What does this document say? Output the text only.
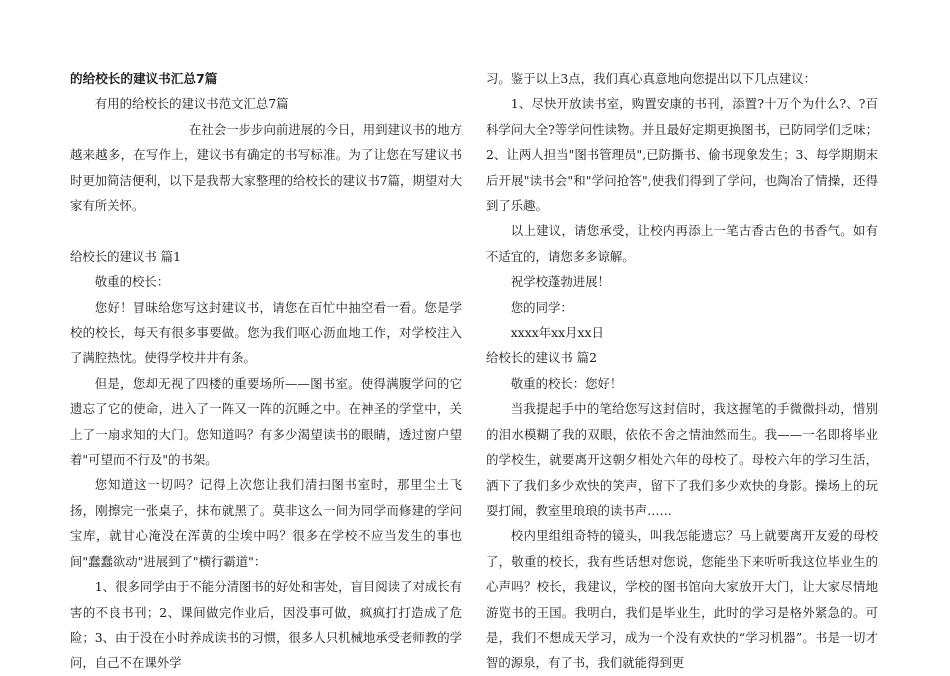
的给校长的建议书汇总7篇

有用的给校长的建议书范文汇总7篇

在社会一步步向前进展的今日，用到建议书的地方越来越多，在写作上，建议书有确定的书写标准。为了让您在写建议书时更加简洁便利，以下是我帮大家整理的给校长的建议书7篇，期望对大家有所关怀。

给校长的建议书 篇1

敬重的校长：

您好！冒昧给您写这封建议书，请您在百忙中抽空看一看。您是学校的校长，每天有很多事要做。您为我们呕心沥血地工作，对学校注入了满腔热忱。使得学校井井有条。

但是，您却无视了四楼的重要场所——图书室。使得满腹学问的它遗忘了它的使命，进入了一阵又一阵的沉睡之中。在神圣的学堂中，关上了一扇求知的大门。您知道吗？有多少渴望读书的眼睛，透过窗户望着"可望而不行及"的书架。

您知道这一切吗？记得上次您让我们清扫图书室时，那里尘土飞扬，刚擦完一张桌子，抹布就黑了。莫非这么一间为同学而修建的学问宝库，就甘心淹没在浑黄的尘埃中吗？很多在学校不应当发生的事也间"蠢蠢欲动"进展到了"横行霸道"：

1、很多同学由于不能分清图书的好处和害处，盲目阅读了对成长有害的不良书刊；2、课间做完作业后，因没事可做，疯疯打打造成了危险；3、由于没在小时养成读书的习惯，很多人只机械地承受老师教的学问，自己不在课外学

习。鉴于以上3点，我们真心真意地向您提出以下几点建议：

1、尽快开放读书室，购置安康的书刊，添置?十万个为什么?、?百科学问大全?等学问性读物。并且最好定期更换图书，已防同学们乏味；2、让两人担当"图书管理员",已防撕书、偷书现象发生；3、每学期期末后开展"读书会"和"学问抢答",使我们得到了学问，也陶冶了情操，还得到了乐趣。

以上建议，请您承受，让校内再添上一笔古香古色的书香气。如有不适宜的，请您多多谅解。

祝学校蓬勃进展！

您的同学：

xxxx年xx月xx日

给校长的建议书 篇2

敬重的校长：您好！

当我提起手中的笔给您写这封信时，我这握笔的手微微抖动，惜别的泪水模糊了我的双眼，依依不舍之情油然而生。我——一名即将毕业的学校生，就要离开这朝夕相处六年的母校了。母校六年的学习生活，洒下了我们多少欢快的笑声，留下了我们多少欢快的身影。操场上的玩耍打闹，教室里琅琅的读书声……

校内里组组奇特的镜头，叫我怎能遗忘？马上就要离开友爱的母校了，敬重的校长，我有些话想对您说，您能坐下来听听我这位毕业生的心声吗？校长，我建议，学校的图书馆向大家放开大门，让大家尽情地游览书的王国。我明白，我们是毕业生，此时的学习是格外紧急的。可是，我们不想成天学习，成为一个没有欢快的“学习机器”。书是一切才智的源泉，有了书，我们就能得到更
